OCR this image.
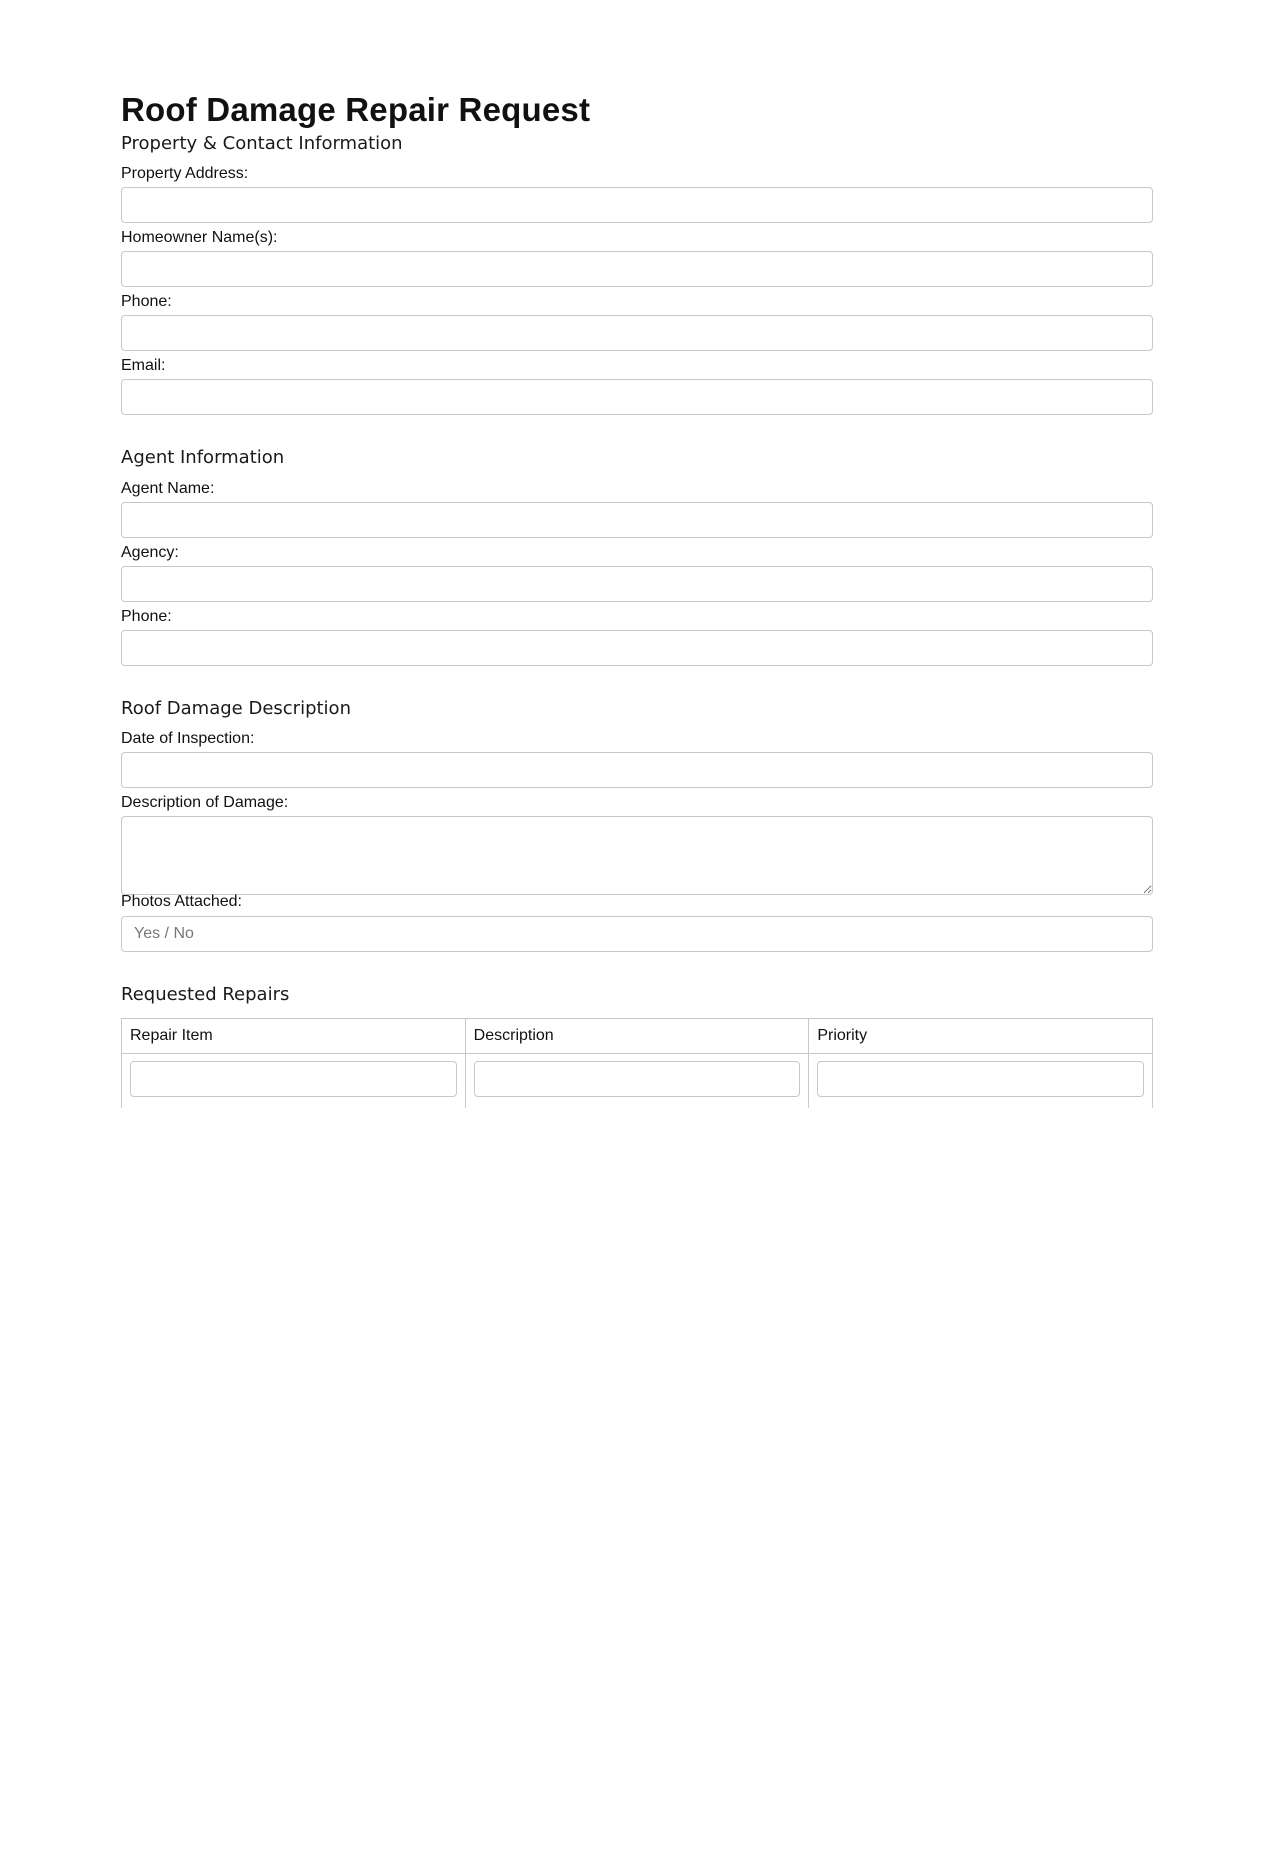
Roof Damage Repair Request
Property & Contact Information
Property Address:
Homeowner Name(s):
Phone:
Email:
Agent Information
Agent Name:
Agency:
Phone:
Roof Damage Description
Date of Inspection:
Description of Damage:
Photos Attached:
Yes / No
Requested Repairs
Repair Item	Description	Priority
